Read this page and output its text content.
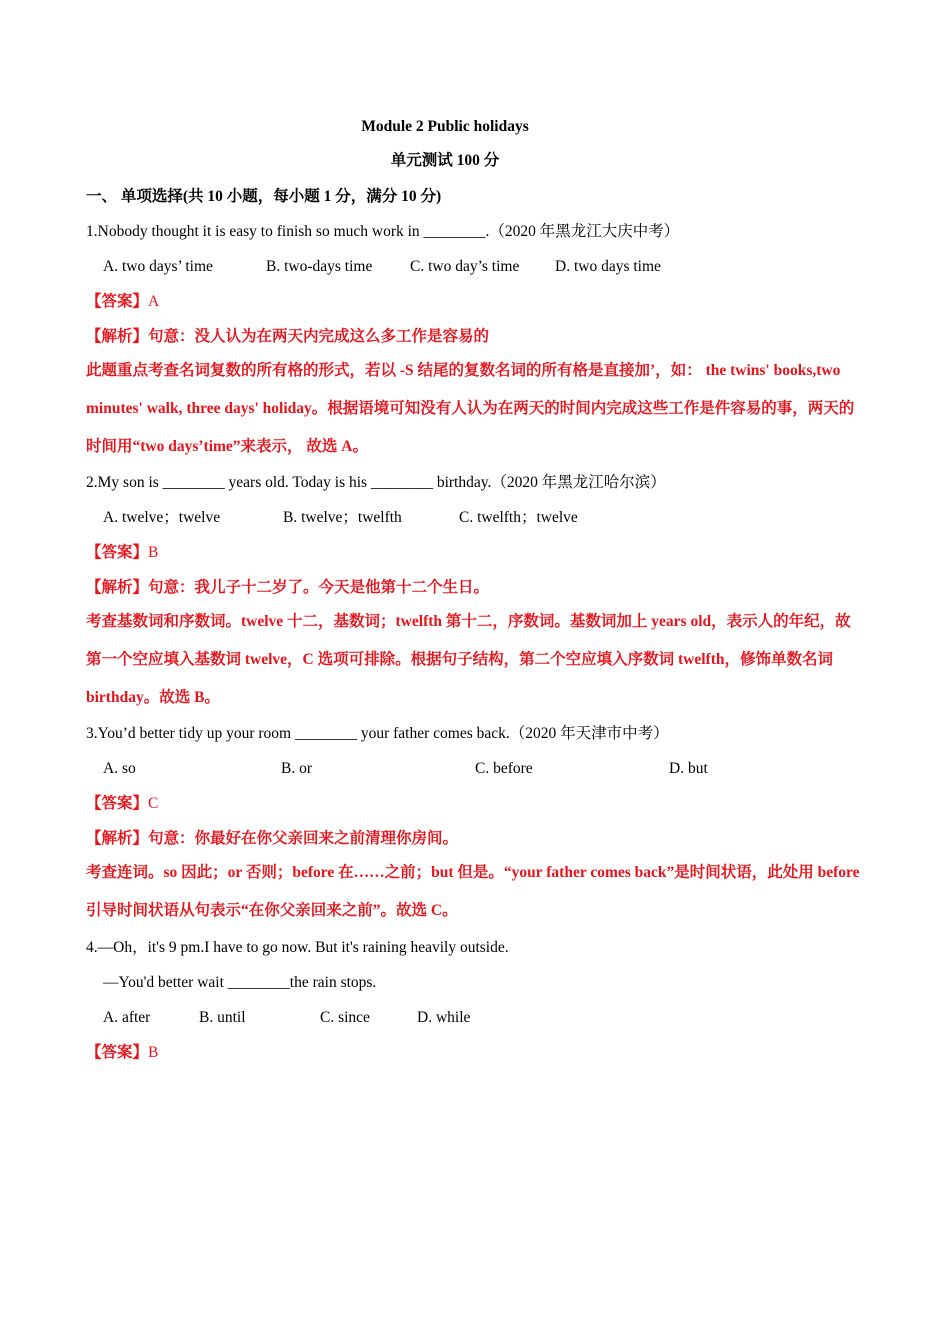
Module 2 Public holidays
单元测试 100 分
一、 单项选择(共 10 小题，每小题 1 分，满分 10 分)
1.Nobody thought it is easy to finish so much work in ________.（2020 年黑龙江大庆中考）
A. two days’ time	B. two-days time C. two day’s time D. two days time
【答案】A
【解析】句意：没人认为在两天内完成这么多工作是容易的
此题重点考查名词复数的所有格的形式，若以 -S 结尾的复数名词的所有格是直接加’，如： the twins' books,two minutes' walk, three days' holiday。根据语境可知没有人认为在两天的时间内完成这些工作是件容易的事，两天的时间用“two days’time”来表示， 故选 A。
2.My son is ________ years old. Today is his ________ birthday.（2020 年黑龙江哈尔滨）
A. twelve；twelve	B. twelve；twelfth	C. twelfth；twelve
【答案】B
【解析】句意：我儿子十二岁了。今天是他第十二个生日。
考查基数词和序数词。twelve 十二，基数词；twelfth 第十二，序数词。基数词加上 years old，表示人的年纪，故第一个空应填入基数词 twelve，C 选项可排除。根据句子结构，第二个空应填入序数词 twelfth，修饰单数名词 birthday。故选 B。
3.You’d better tidy up your room ________ your father comes back.（2020 年天津市中考）
A. so	B. or	C. before	D. but
【答案】C
【解析】句意：你最好在你父亲回来之前清理你房间。
考查连词。so 因此；or 否则；before 在……之前；but 但是。“your father comes back”是时间状语，此处用 before 引导时间状语从句表示“在你父亲回来之前”。故选 C。
4.—Oh，it's 9 pm.I have to go now. But it's raining heavily outside.
—You'd better wait ________the rain stops.
A. after	B. until	C. since	D. while
【答案】B
